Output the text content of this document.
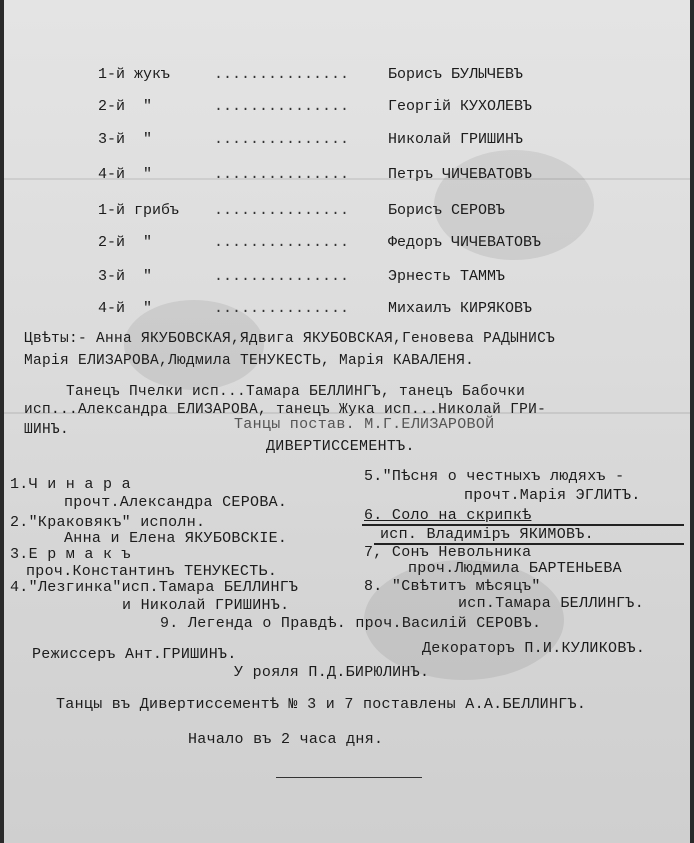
1-й жукъ	...............	Борисъ БУЛЫЧЕВЪ
2-й  "	...............	Георгiй КУХОЛЕВЪ
3-й  "	...............	Николай ГРИШИНЪ
4-й  "	...............	Петръ ЧИЧЕВАТОВЪ
1-й грибъ ...............	Борисъ СЕРОВЪ
2-й  "	...............	Федоръ ЧИЧЕВАТОВЪ
3-й  "	...............	Эрнесть ТАММЪ
4-й  "	...............	Михаилъ КИРЯКОВЪ
Цвѣты:- Анна ЯКУБОВСКАЯ,Ядвига ЯКУБОВСКАЯ,Геновева РАДЫНИСЪ
Марiя ЕЛИЗАРОВА,Людмила ТЕНУКЕСТЬ, Марiя КАВАЛЕНЯ.
Танецъ Пчелки исп...Тамара БЕЛЛИНГЪ, танецъ Бабочки
исп...Александра ЕЛИЗАРОВА, танецъ Жука исп...Николай ГРИ-
ШИНЪ.	Танцы постав. М.Г.ЕЛИЗАРОВОЙ
ДИВЕРТИССЕМЕНТЪ.
1.Ч и н а р а
прочт.Александра СЕРОВА.
2."Краковякъ" исполн.
Анна и Елена ЯКУБОВСКIЕ.
3.Е р м а к ъ
проч.Константинъ ТЕНУКЕСТЬ.
4."Лезгинка"исп.Тамара БЕЛЛИНГЪ
и Николай ГРИШИНЪ.
5."Пѣсня о честныхъ людяхъ -
прочт.Марiя ЭГЛИТЪ.
6. Соло на скрипкѣ
исп. Владимiръ ЯКИМОВЪ.
7, Сонъ Невольника
проч.Людмила БАРТЕНЬЕВА
8. "Свѣтитъ мѣсяцъ"
исп.Тамара БЕЛЛИНГЪ.
9. Легенда о Правдѣ. проч.Василiй СЕРОВЪ.
Режиссеръ Ант.ГРИШИНЪ.	Декораторъ П.И.КУЛИКОВЪ.
У рояля П.Д.БИРЮЛИНЪ.
Танцы въ Дивертиссементѣ № 3 и 7 поставлены А.А.БЕЛЛИНГЪ.
Начало въ 2 часа дня.
